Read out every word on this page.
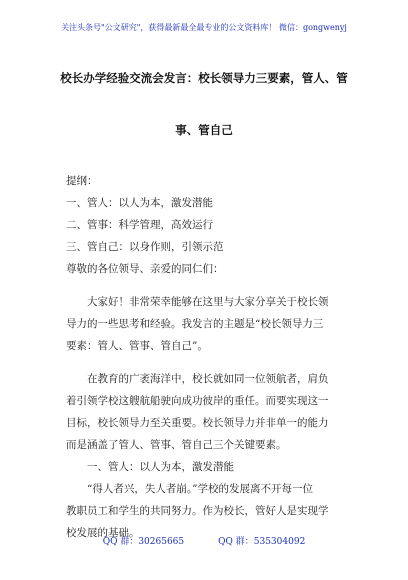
关注头条号"公文研究"，获得最新最全最专业的公文资料库！ 微信：gongwenyj
校长办学经验交流会发言：校长领导力三要素，管人、管
事、管自己
提纲：
一、管人：以人为本，激发潜能
二、管事：科学管理，高效运行
三、管自己：以身作则，引领示范
尊敬的各位领导、亲爱的同仁们：
大家好！非常荣幸能够在这里与大家分享关于校长领
导力的一些思考和经验。我发言的主题是“校长领导力三
要素：管人、管事、管自己”。
在教育的广袤海洋中，校长就如同一位领航者，肩负
着引领学校这艘航船驶向成功彼岸的重任。而要实现这一
目标，校长领导力至关重要。校长领导力并非单一的能力
而是涵盖了管人、管事、管自己三个关键要素。
一、管人：以人为本，激发潜能
“得人者兴，失人者崩。”学校的发展离不开每一位
教职员工和学生的共同努力。作为校长，管好人是实现学
校发展的基础。
QQ 群：30265665	QQ 群：535304092
